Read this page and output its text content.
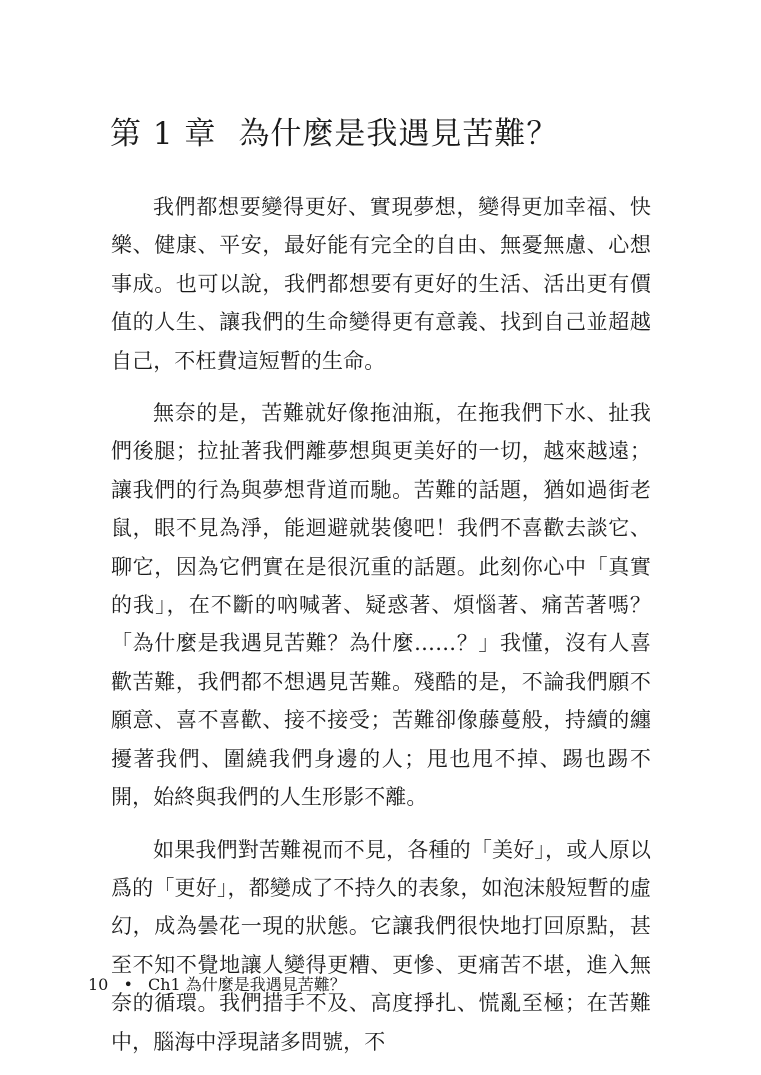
第 1 章 為什麼是我遇見苦難？

我們都想要變得更好、實現夢想，變得更加幸福、快樂、健康、平安，最好能有完全的自由、無憂無慮、心想事成。也可以說，我們都想要有更好的生活、活出更有價值的人生、讓我們的生命變得更有意義、找到自己並超越自己，不枉費這短暫的生命。

無奈的是，苦難就好像拖油瓶，在拖我們下水、扯我們後腿；拉扯著我們離夢想與更美好的一切，越來越遠；讓我們的行為與夢想背道而馳。苦難的話題，猶如過街老鼠，眼不見為淨，能迴避就裝傻吧！我們不喜歡去談它、聊它，因為它們實在是很沉重的話題。此刻你心中「真實的我」，在不斷的吶喊著、疑惑著、煩惱著、痛苦著嗎？「為什麼是我遇見苦難？為什麼……？」我懂，沒有人喜歡苦難，我們都不想遇見苦難。殘酷的是，不論我們願不願意、喜不喜歡、接不接受；苦難卻像藤蔓般，持續的纏擾著我們、圍繞我們身邊的人；甩也甩不掉、踢也踢不開，始終與我們的人生形影不離。

如果我們對苦難視而不見，各種的「美好」，或人原以爲的「更好」，都變成了不持久的表象，如泡沫般短暫的虛幻，成為曇花一現的狀態。它讓我們很快地打回原點，甚至不知不覺地讓人變得更糟、更慘、更痛苦不堪，進入無奈的循環。我們措手不及、高度掙扎、慌亂至極；在苦難中，腦海中浮現諸多問號，不

10 • Ch1 為什麼是我遇見苦難？
